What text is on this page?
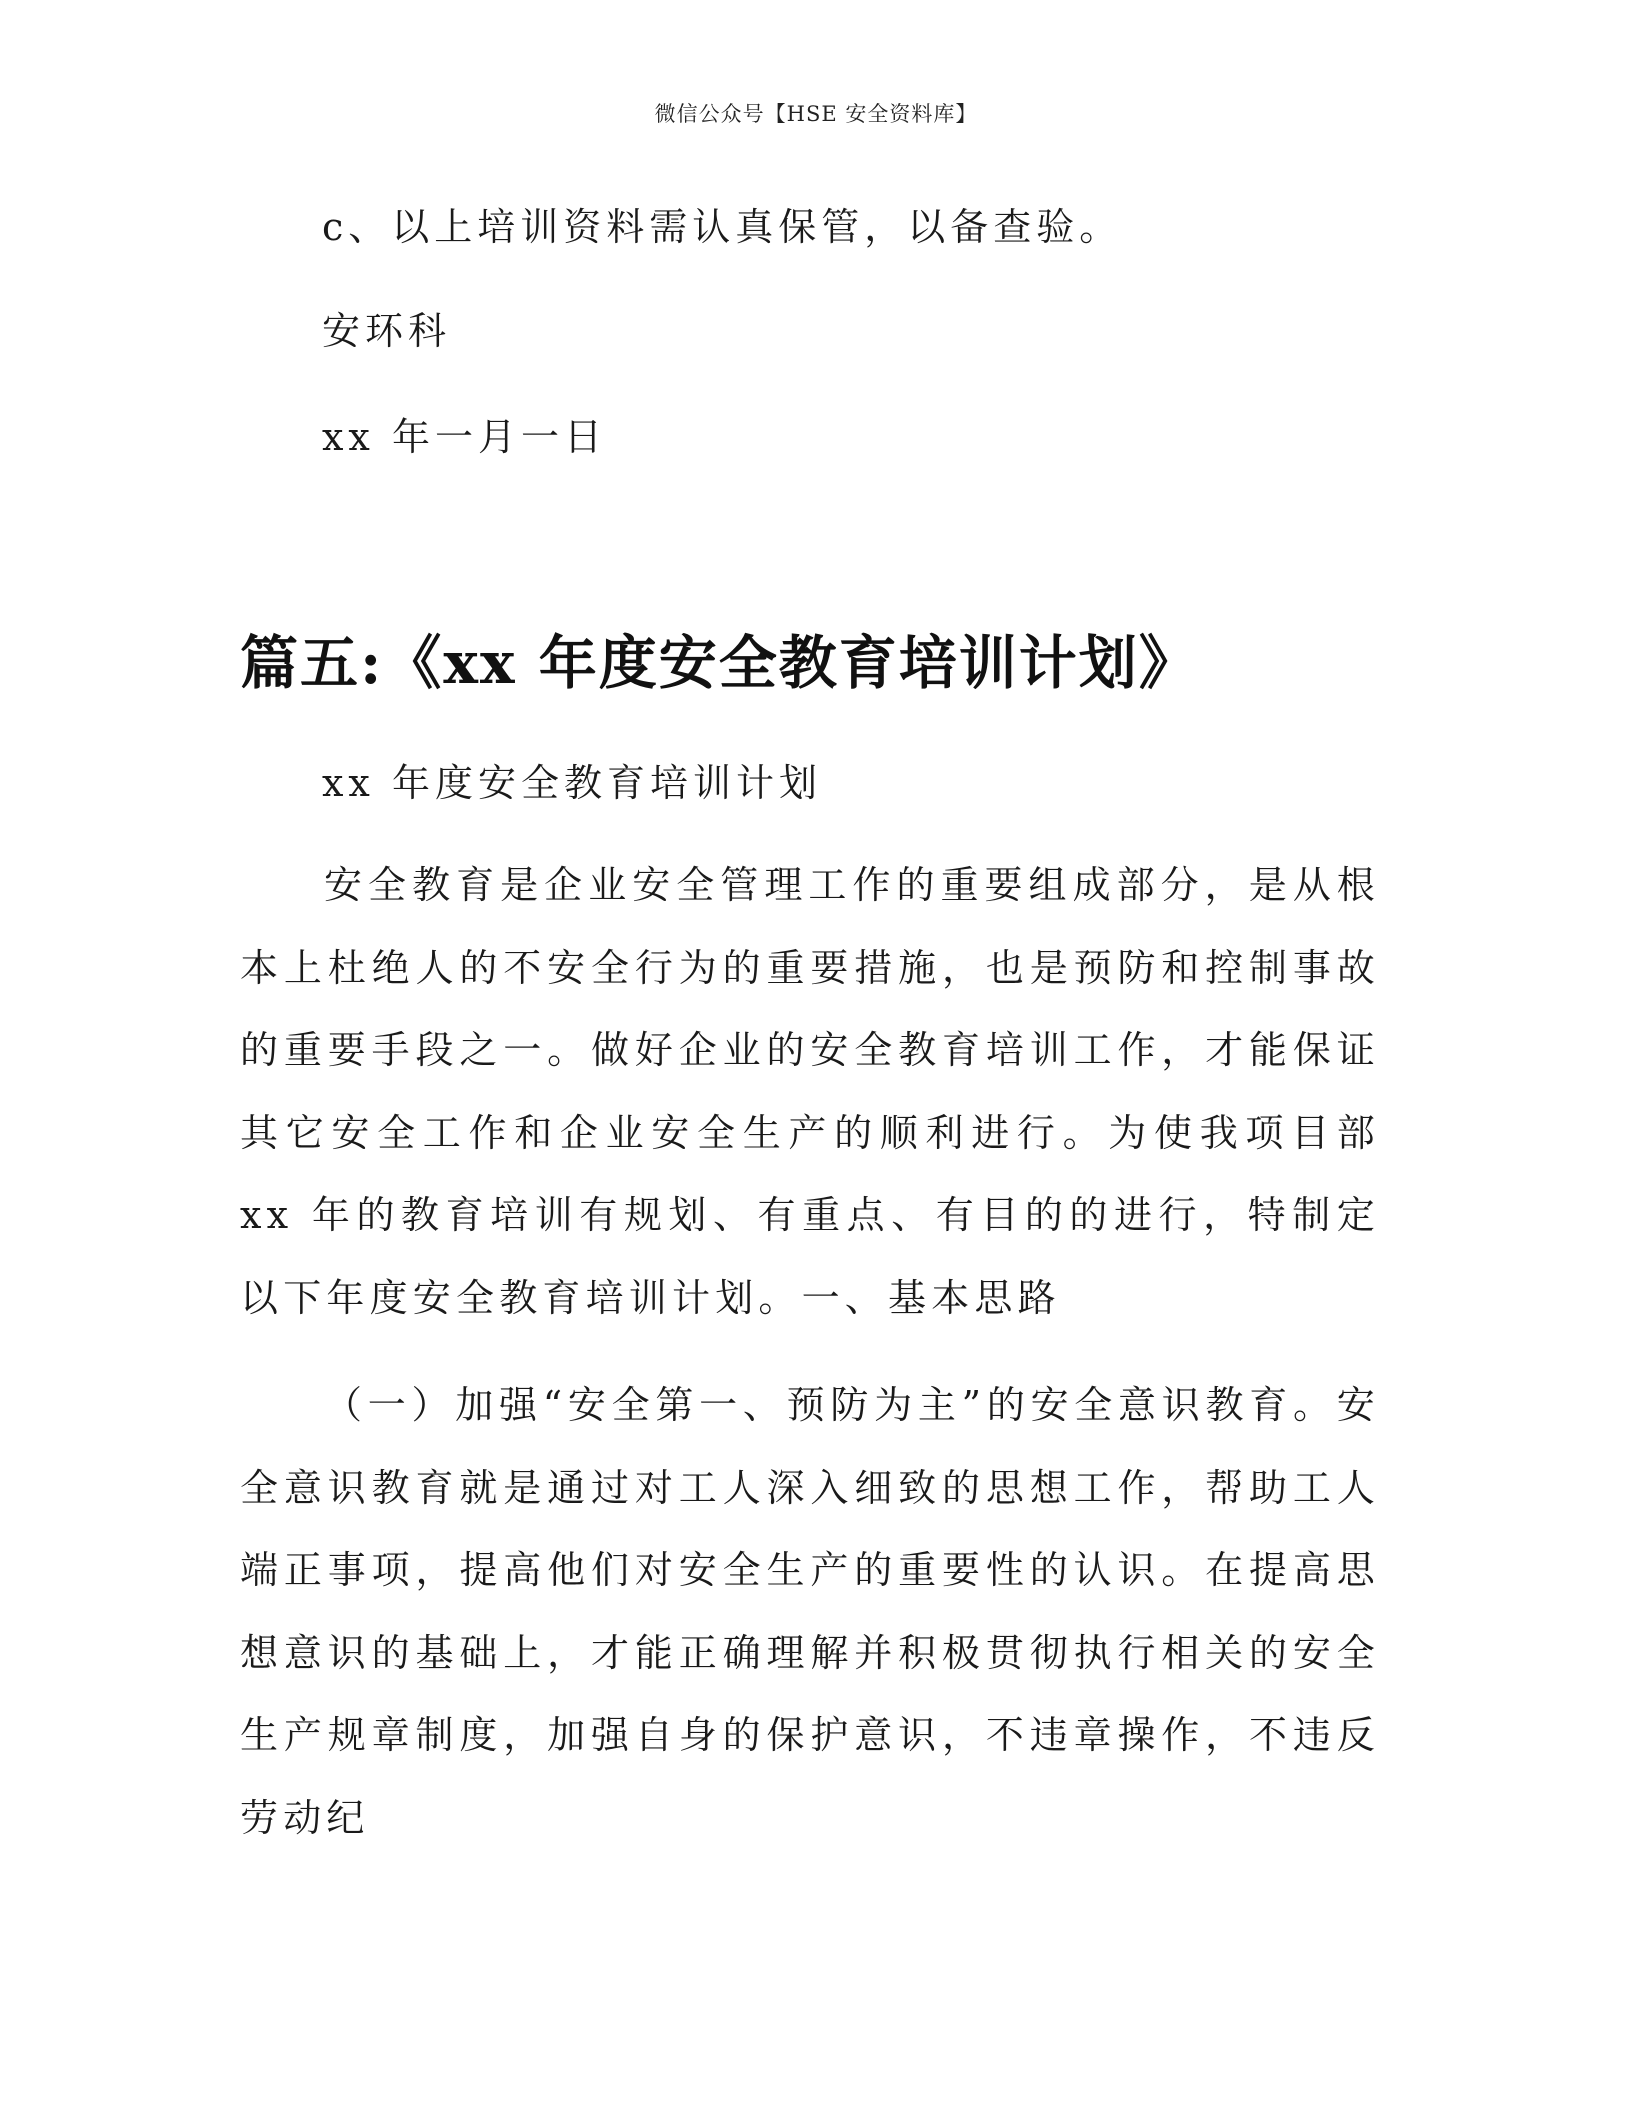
微信公众号【HSE 安全资料库】
c、以上培训资料需认真保管，以备查验。
安环科
xx 年一月一日
篇五:《xx 年度安全教育培训计划》
xx 年度安全教育培训计划
安全教育是企业安全管理工作的重要组成部分，是从根本上杜绝人的不安全行为的重要措施，也是预防和控制事故的重要手段之一。做好企业的安全教育培训工作，才能保证其它安全工作和企业安全生产的顺利进行。为使我项目部 xx 年的教育培训有规划、有重点、有目的的进行，特制定以下年度安全教育培训计划。一、基本思路
（一）加强“安全第一、预防为主”的安全意识教育。安全意识教育就是通过对工人深入细致的思想工作，帮助工人端正事项，提高他们对安全生产的重要性的认识。在提高思想意识的基础上，才能正确理解并积极贯彻执行相关的安全生产规章制度，加强自身的保护意识，不违章操作，不违反劳动纪
